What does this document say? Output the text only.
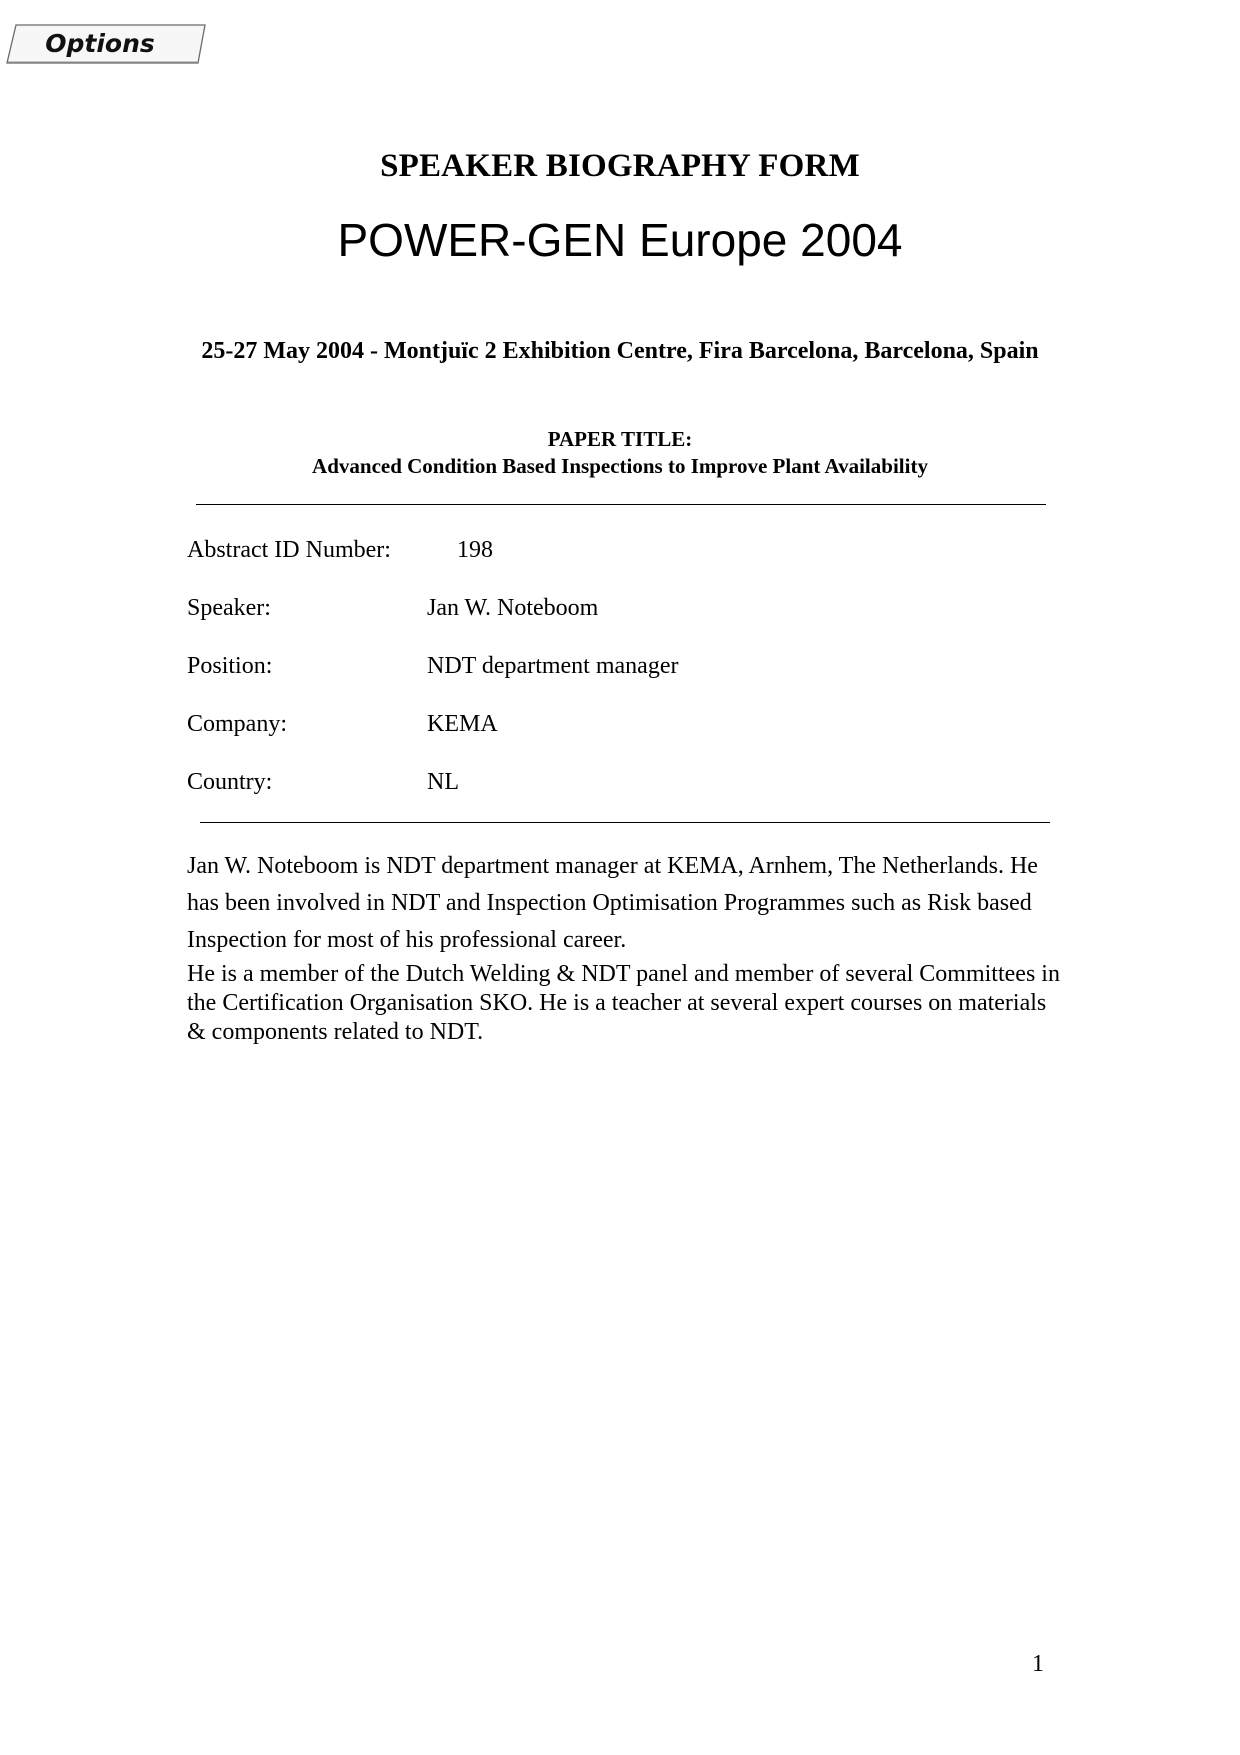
Options
SPEAKER BIOGRAPHY FORM
POWER-GEN Europe 2004
25-27 May 2004 - Montjuïc 2 Exhibition Centre, Fira Barcelona, Barcelona, Spain
PAPER TITLE:
Advanced Condition Based Inspections to Improve Plant Availability
Abstract ID Number:	198
Speaker:	Jan W. Noteboom
Position:	NDT department manager
Company:	KEMA
Country:	NL
Jan W. Noteboom is NDT department manager at KEMA, Arnhem, The Netherlands. He has been involved in NDT and Inspection Optimisation Programmes such as Risk based Inspection for most of his professional career.
He is a member of the Dutch Welding & NDT panel and member of several Committees in the Certification Organisation SKO. He is a teacher at several expert courses on materials & components related to NDT.
1
